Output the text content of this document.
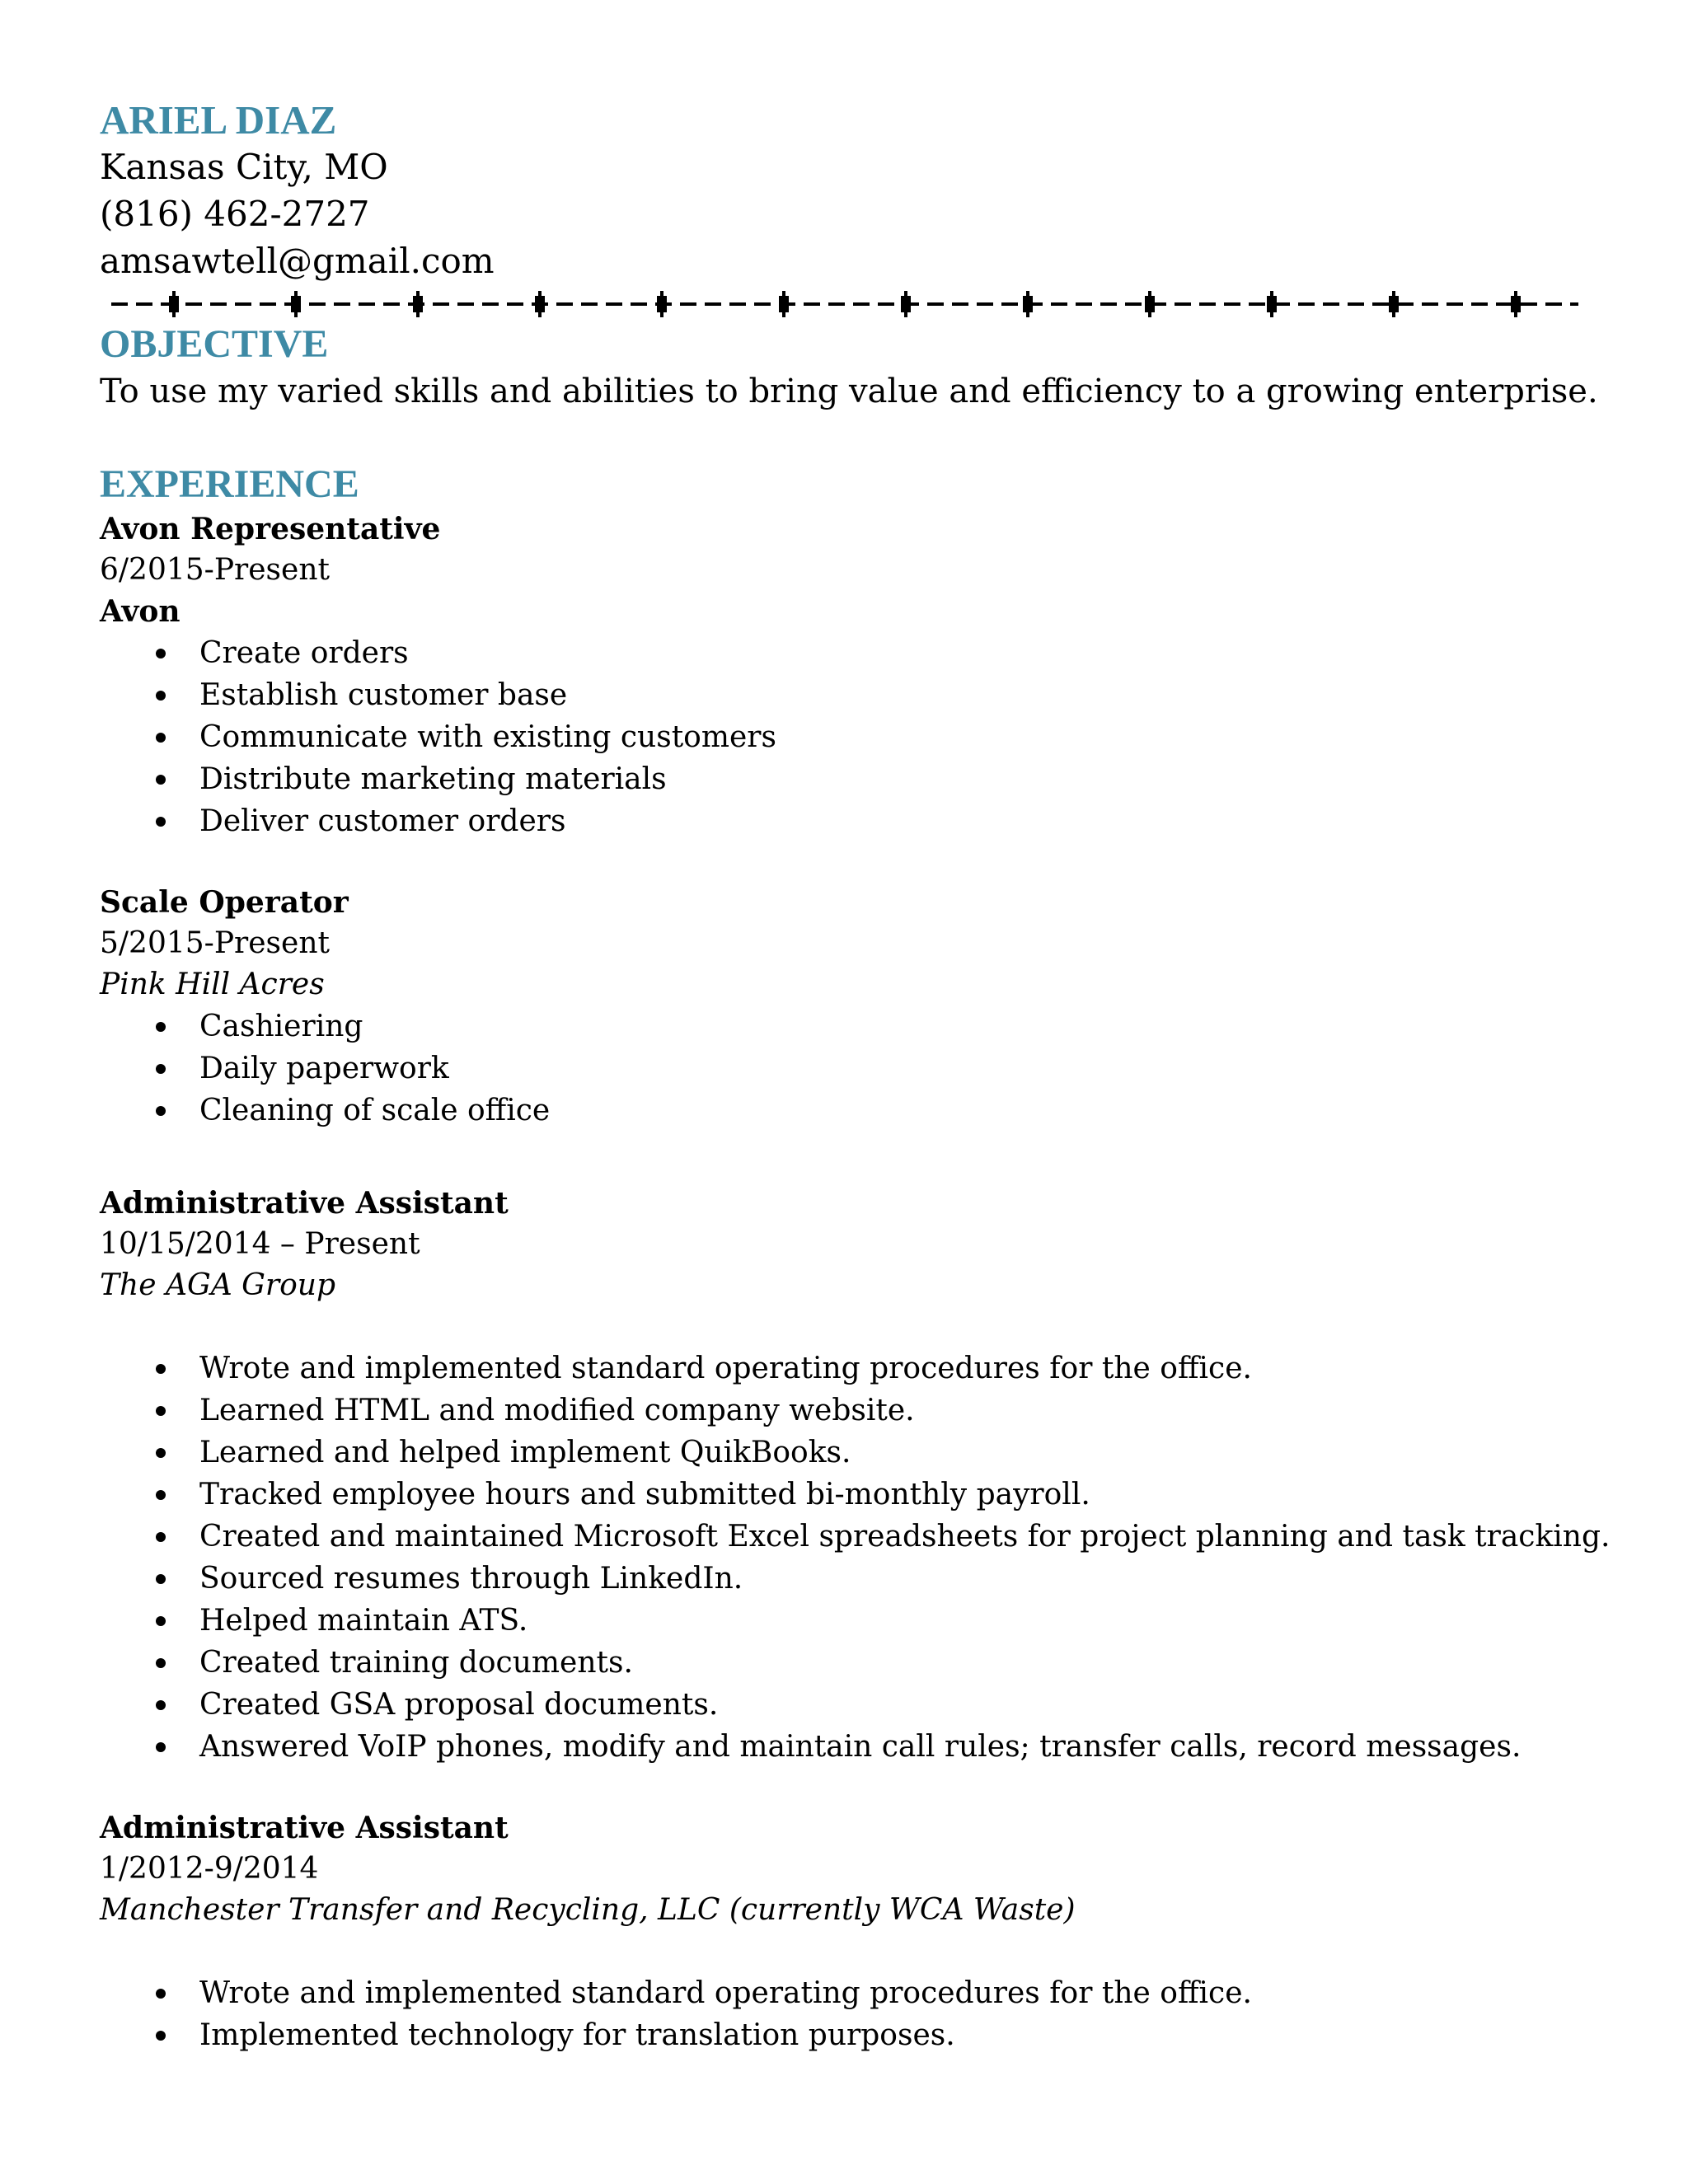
ARIEL DIAZ

Kansas City, MO

(816) 462-2727

amsawtell@gmail.com

OBJECTIVE

To use my varied skills and abilities to bring value and efficiency to a growing enterprise.

EXPERIENCE

Avon Representative

6/2015-Present

Avon

Create orders
Establish customer base
Communicate with existing customers
Distribute marketing materials
Deliver customer orders

Scale Operator

5/2015-Present

Pink Hill Acres

Cashiering
Daily paperwork
Cleaning of scale office

Administrative Assistant

10/15/2014 – Present

The AGA Group

Wrote and implemented standard operating procedures for the office.
Learned HTML and modified company website.
Learned and helped implement QuikBooks.
Tracked employee hours and submitted bi-monthly payroll.
Created and maintained Microsoft Excel spreadsheets for project planning and task tracking.
Sourced resumes through LinkedIn.
Helped maintain ATS.
Created training documents.
Created GSA proposal documents.
Answered VoIP phones, modify and maintain call rules; transfer calls, record messages.

Administrative Assistant

1/2012-9/2014

Manchester Transfer and Recycling, LLC (currently WCA Waste)

Wrote and implemented standard operating procedures for the office.
Implemented technology for translation purposes.
